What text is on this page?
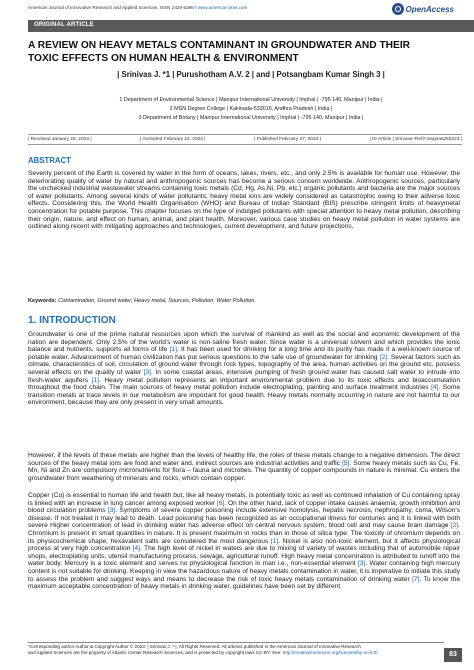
American Journal of Innovative Research and Applied Sciences. ISSN 2429-5396 I www.american-jiras.com	OpenAccess
ORIGINAL ARTICLE
A REVIEW ON HEAVY METALS CONTAMINANT IN GROUNDWATER AND THEIR TOXIC EFFECTS ON HUMAN HEALTH & ENVIRONMENT
| Srinivas J. *1 | Purushotham A.V. 2 | and | Potsangbam Kumar Singh 3 |
1 Department of Environmental Science | Manipur International University | Imphal | -795 140, Manipur | India |
2 MSN Degree College | Kakinada-533016, Andhra Pradesh | India |
3 Department of Botany | Manipur International University | Imphal | -795 140, Manipur | India |
| Received January 26, 2023 |	| Accepted February 22, 2023 |	| Published February 27, 2023 |	| ID Article | Srinivas–Ref2-16ajiras260223 |
ABSTRACT
Seventy percent of the Earth is covered by water in the form of oceans, lakes, rivers, etc., and only 2.5% is available for human use. However, the deteriorating quality of water by natural and anthropogenic sources has become a serious concern worldwide. Anthropogenic sources, particularly the unchecked industrial wastewater streams containing toxic metals (Cd, Hg, As,Ni, Pb, etc.) organic pollutants and bacteria are the major sources of water pollutants. Among several kinds of water pollutants, heavy metal ions are widely considered as catastrophic owing to their adverse toxic effects. Considering this, the World Health Organisation (WHO) and Bureau of Indian Standard (BIS) prescribe stringent limits of heavymetal concentration for potable purpose. This chapter focuses on the type of indulged pollutants with special attention to heavy metal pollution, describing their origin, nature, and effect on human, animal, and plant health. Moreover, various case studies on heavy metal pollution in water systems are outlined along recent with mitigating approaches and technologies, current development, and future projections.
Keywords: Contamination, Ground water, Heavy metal, Sources, Pollution, Water Pollution.
1. INTRODUCTION
Groundwater is one of the prime natural resources upon which the survival of mankind as well as the social and economic development of the nation are dependent. Only 2.5% of the world's water is non-saline fresh water. Since water is a universal solvent and which provides the ionic balance and nutrients, supports all forms of life [1]. It has been used for drinking for a long time and its purity has made it a well-known source of potable water. Advancement of human civilization has put serious questions to the safe use of groundwater for drinking [2]. Several factors such as climate, characteristics of soil, circulation of ground water through rock types, topography of the area, human activities on the ground etc. possess several effects on the quality of water [3]. In some coastal areas, intensive pumping of fresh ground water has caused salt water to intrude into fresh-water aquifers [1]. Heavy metal pollution represents an important environmental problem due to its toxic effects and bioaccumulation throughout the food chain. The main sources of heavy metal pollution include electroplating, painting and surface treatment industries [4]. Some transition metals at trace levels in our metabolism are important for good health. Heavy metals normally occurring in nature are not harmful to our environment, because they are only present in very small amounts.
However, if the levels of these metals are higher than the levels of healthy life, the roles of these metals change to a negative dimension. The direct sources of the heavy metal ions are food and water and, indirect sources are industrial activities and traffic [5]. Some heavy metals such as Cu, Fe, Mn, Ni and Zn are compulsory micronutrients for flora – fauna and microbes. The quantity of copper compounds in nature is minimal. Cu enters the groundwater from weathering of minerals and rocks, which contain copper.
Copper (Cu) is essential to human life and health but, like all heavy metals, is potentially toxic as well as continued inhalation of Cu containing spray is linked with an increase in lung cancer among exposed worker [6]. On the other hand, lack of copper intake causes anaemia, growth inhibition and blood circulation problems [3]. Symptoms of severe copper poisoning include extensive homolysis, hepatic necrosis, nephropathy, coma, Wilson's disease. If not treated it may lead to death. Lead poisoning has been recognized as an occupational illness for centuries and it is linked with both severe Higher concentration of lead in drinking water has adverse effect on central nervous system, blood cell and may cause brain damage [2]. Chromium is present in small quantities in nature. It is present maximum in rocks than in those of silica type. The toxicity of chromium depends on its physicochemical shape; hexavalent salts are considered the most dangerous [1]. Nickel is also non-toxic element, but it affects physiological process at very high concentration [4]. The high level of nickel in waters are due to mixing of variety of wastes including that of automobile repair shops, electroplating units, utensil manufacturing process, sewage, agricultural runoff. High heavy metal concentration is attributed to runoff into the water body. Mercury is a toxic element and serves no physiological function in man i.e., non-essential element [3]. Water containing high mercury content is not suitable for drinking. Keeping in view the hazardous nature of heavy metals contamination in water, it is imperative to initiate this study to assess the problem and suggest ways and means to decrease the risk of toxic heavy metals contamination of drinking water [7]. To know the maximum acceptable concentration of heavy metals in drinking water, guidelines have been set by different
*Corresponding author Author & Copyright Author © 2023: | Srinivas J. * |. All Rights Reserved. All articles published in the American Journal of Innovative Research
and Applied Sciences are the property of Atlantic Center Research Sciences, and is protected by copyright laws CC-BY. See: http://creativecommons.org/licenses/by-nc/4.0/.	83
